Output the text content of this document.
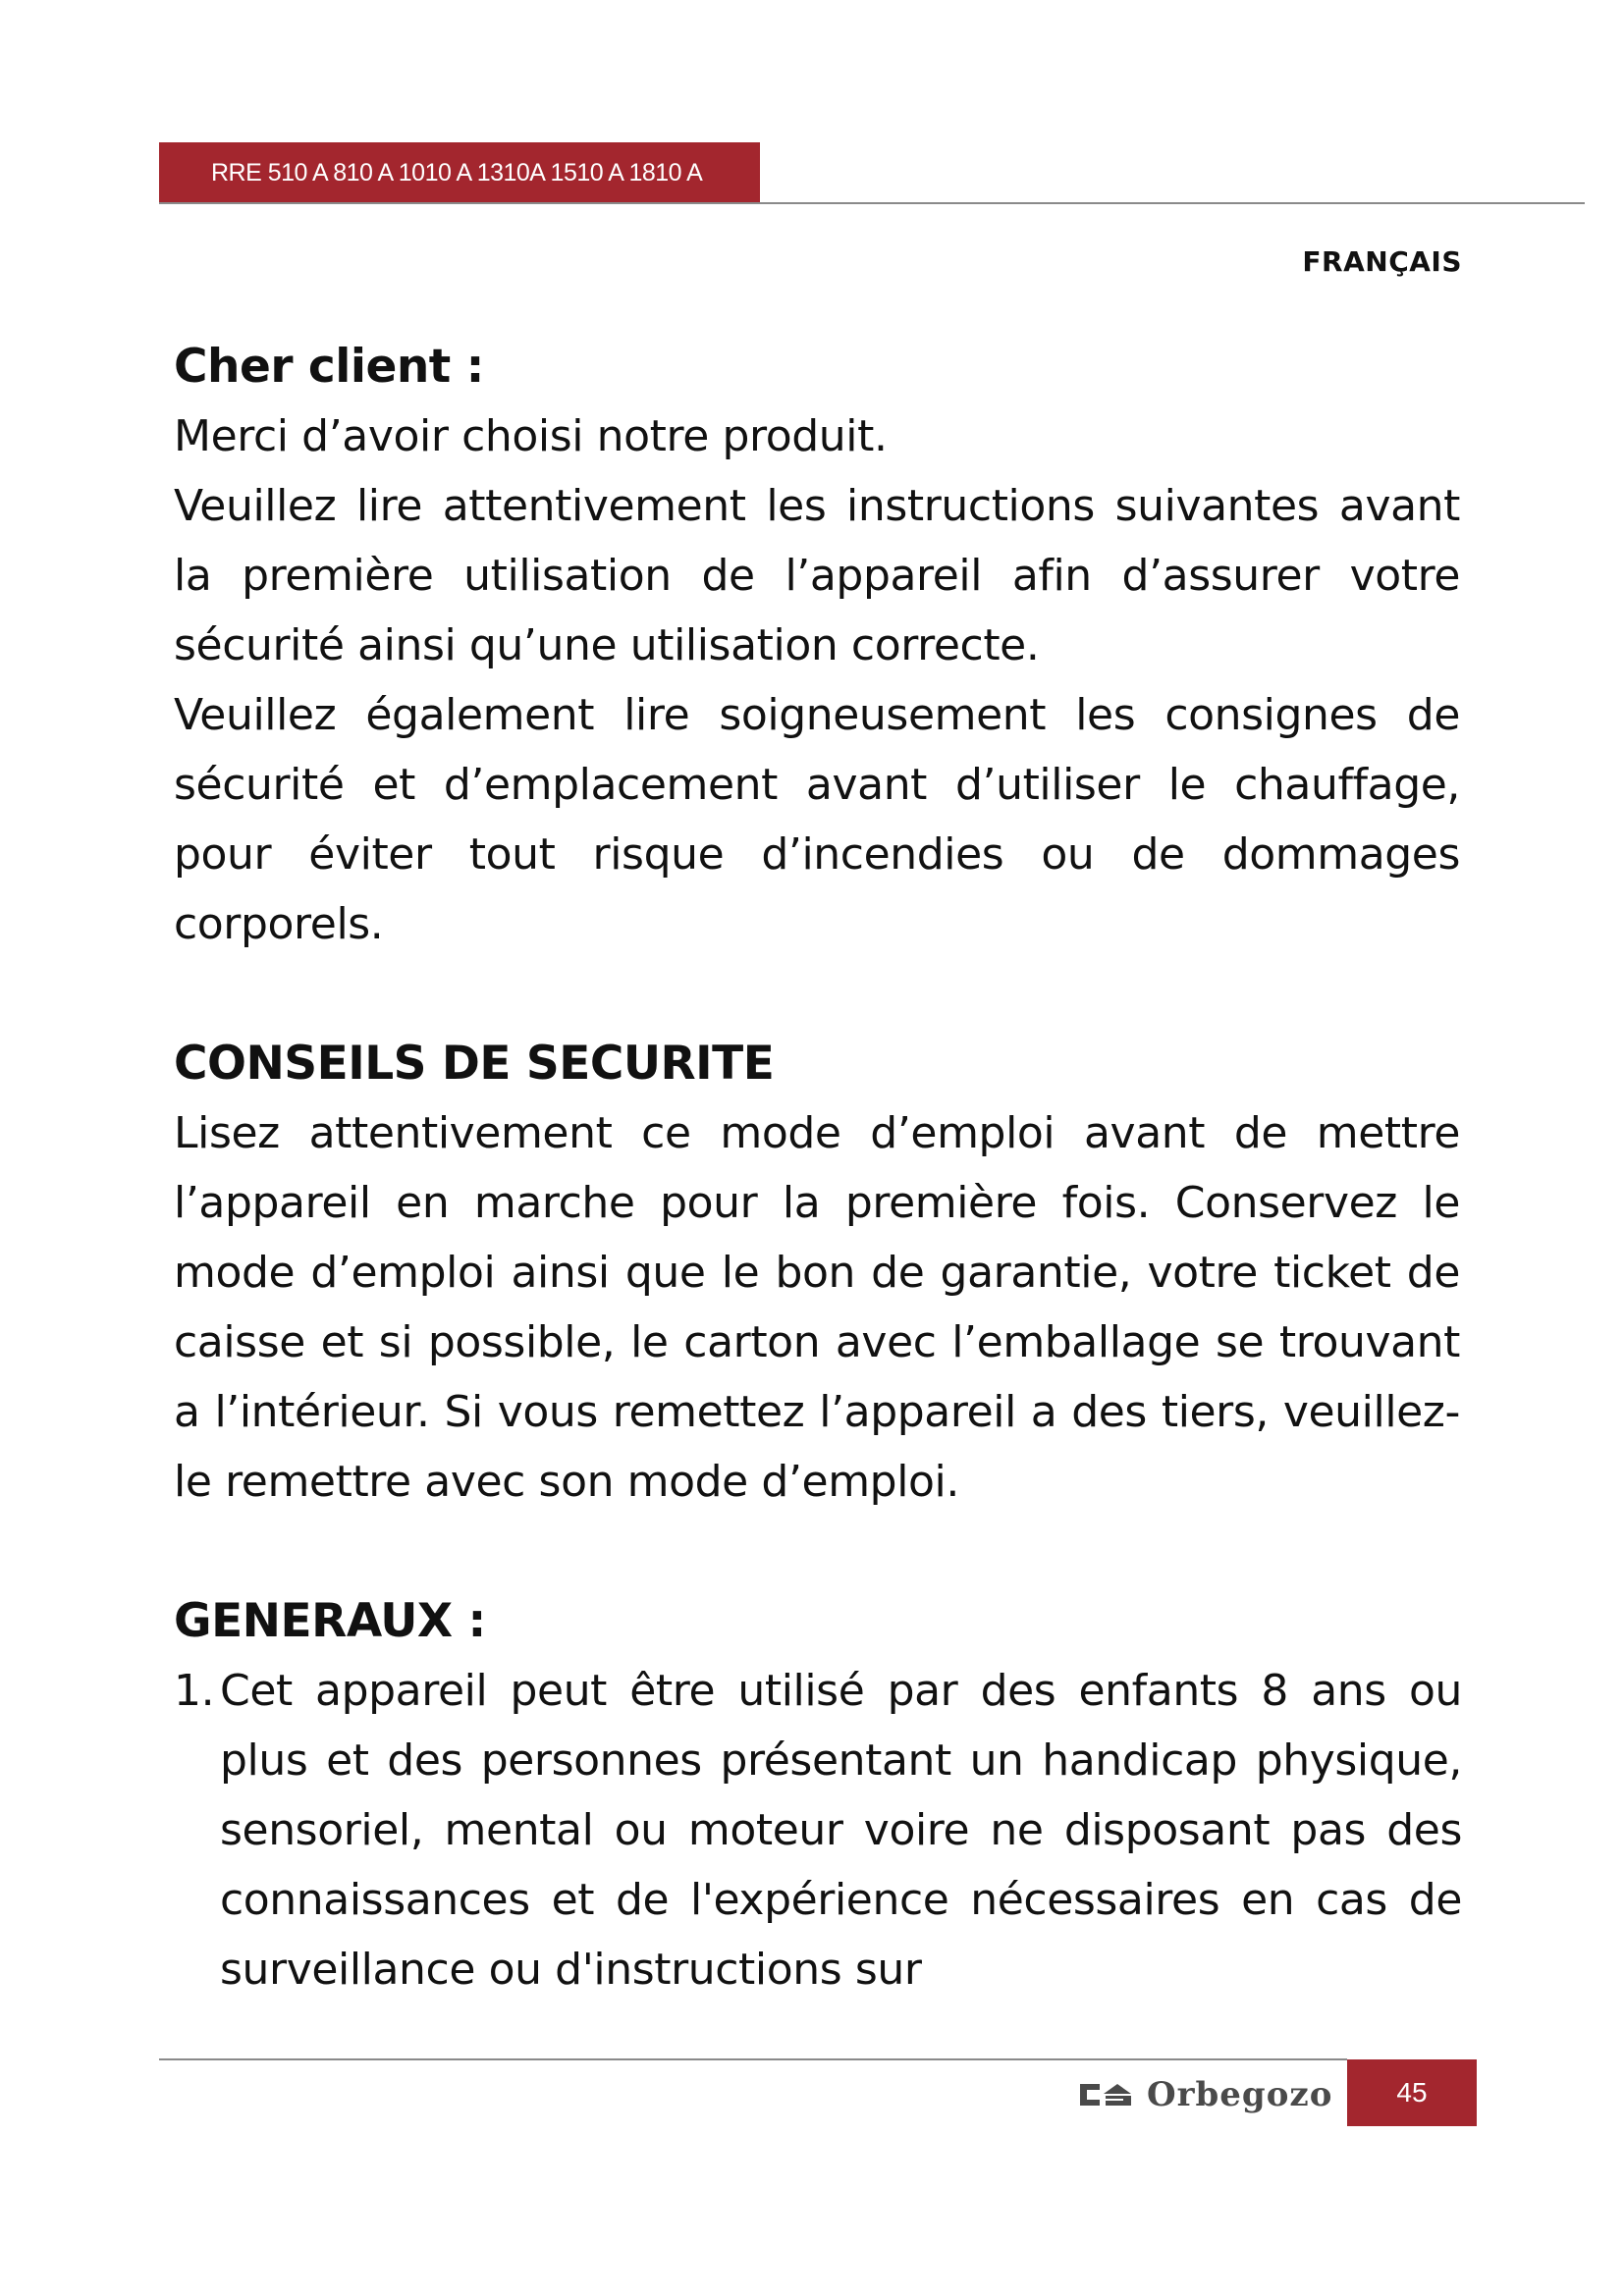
RRE 510 A 810 A 1010 A 1310A 1510 A 1810 A
FRANÇAIS

Cher client :

Merci d’avoir choisi notre produit.

Veuillez lire attentivement les instructions suivantes avant la première utilisation de l’appareil afin d’assurer votre sécurité ainsi qu’une utilisation correcte.

Veuillez également lire soigneusement les consignes de sécurité et d’emplacement avant d’utiliser le chauffage, pour éviter tout risque d’incendies ou de dommages corporels.

CONSEILS DE SECURITE

Lisez attentivement ce mode d’emploi avant de mettre l’appareil en marche pour la première fois. Conservez le mode d’emploi ainsi que le bon de garantie, votre ticket de caisse et si possible, le carton avec l’emballage se trouvant a l’intérieur. Si vous remettez l’appareil a des tiers, veuillez-le remettre avec son mode d’emploi.

GENERAUX :

1. Cet appareil peut être utilisé par des enfants 8 ans ou plus et des personnes présentant un handicap physique, sensoriel, mental ou moteur voire ne disposant pas des connaissances et de l'expérience nécessaires en cas de surveillance ou d'instructions sur
Orbegozo	45
